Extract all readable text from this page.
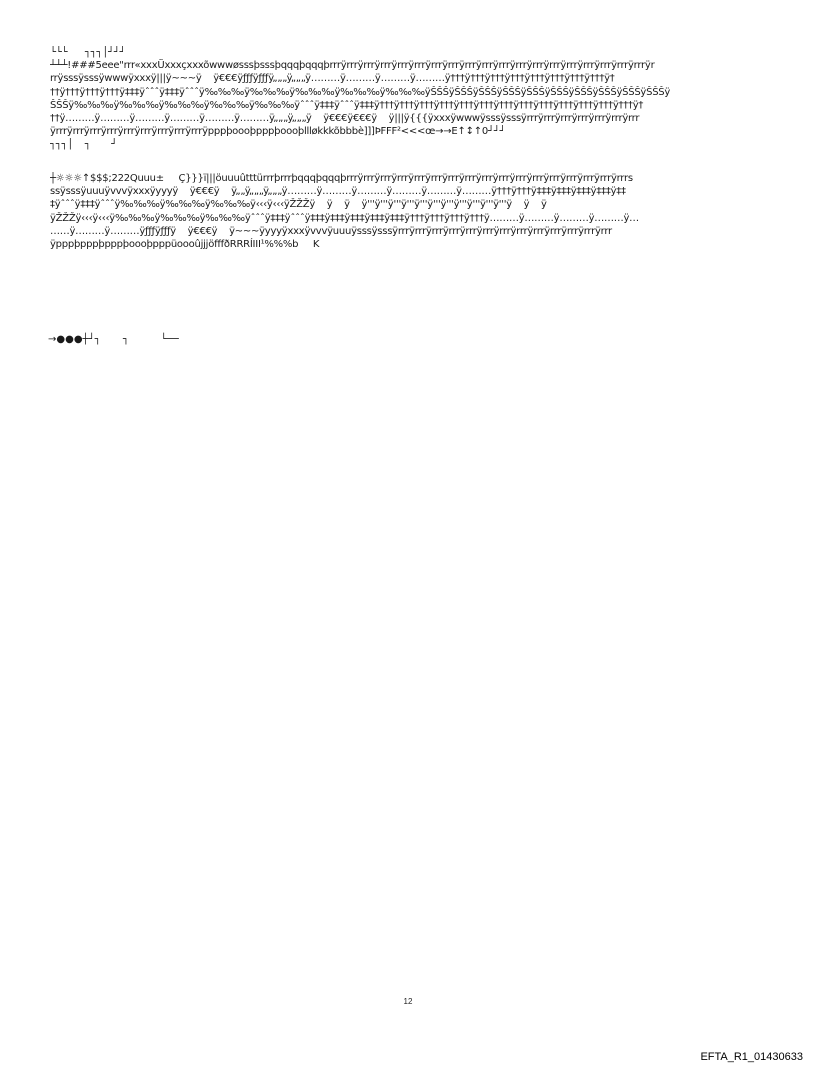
└└└      ┐┐┐│┘┘┘
┴┴┴!###5eee"rrr«xxxÜxxxçxxxõwwwøsssþsssþqqqþqqqþrrrÿrrrÿrrrÿrrrÿrrrÿrrrÿrrrÿrrrÿrrrÿrrrÿrrrÿrrrÿrrrÿrrrÿrrrÿrrrÿrrrÿrrrÿrrrÿr
rrÿsssÿsssÿwwwÿxxxÿ|||ÿ~~~ÿ    ÿ€€€ÿƒƒƒÿƒƒƒÿ„„„ÿ„„„ÿ………ÿ………ÿ………ÿ………ÿ†††ÿ†††ÿ†††ÿ†††ÿ†††ÿ†††ÿ†††ÿ†††ÿ†
††ÿ†††ÿ†††ÿ†††ÿ‡‡‡ÿˆˆˆÿ‡‡‡ÿˆˆˆÿ‰‰‰ÿ‰‰‰ÿ‰‰‰ÿ‰‰‰ÿ‰‰‰ÿŠŠŠÿŠŠŠÿŠŠŠÿŠŠŠÿŠŠŠÿŠŠŠÿŠŠŠÿŠŠŠÿŠŠŠÿŠŠŠÿ
ŠŠŠÿ‰‰‰ÿ‰‰‰ÿ‰‰‰ÿ‰‰‰ÿ‰‰‰ÿˆˆˆÿ‡‡‡ÿˆˆˆÿ‡‡‡ÿ†††ÿ†††ÿ†††ÿ†††ÿ†††ÿ†††ÿ†††ÿ†††ÿ†††ÿ†††ÿ†††ÿ†††ÿ†††ÿ†
††ÿ………ÿ………ÿ………ÿ………ÿ………ÿ………ÿ„„„ÿ„„„ÿ    ÿ€€€ÿ€€€ÿ    ÿ|||ÿ{{{ÿxxxÿwwwÿsssÿsssÿrrrÿrrrÿrrrÿrrrÿrrrÿrrrÿrrr
ÿrrrÿrrrÿrrrÿrrrÿrrrÿrrrÿrrrÿrrrÿrrrÿpppþoooþpppþoooþllløkkkõbbbè]]]ÞFFF²<<<œ→→E↑↕↑0┘┘┘
┐┐┐│    ┐       ┘
┼☼☼☼↑$$$;222Quuu±     Ç}}}ï|||öuuuûtttürrrþrrrþqqqþqqqþrrrÿrrrÿrrrÿrrrÿrrrÿrrrÿrrrÿrrrÿrrrÿrrrÿrrrÿrrrÿrrrÿrrrÿrrrÿrrrÿrrrs
ssÿsssÿuuuÿvvvÿxxxÿyyyÿ    ÿ€€€ÿ    ÿ„„ÿ„„„ÿ„„„ÿ………ÿ………ÿ………ÿ………ÿ………ÿ………ÿ†††ÿ†††ÿ‡‡‡ÿ‡‡‡ÿ‡‡‡ÿ‡‡‡ÿ‡‡
‡ÿˆˆˆÿ‡‡‡ÿˆˆˆÿ‰‰‰ÿ‰‰‰ÿ‰‰‰ÿ‹‹‹ÿ‹‹‹ÿŽŽŽÿ    ÿ    ÿ    ÿ'''ÿ'''ÿ'''ÿ'''ÿ'''ÿ'''ÿ'''ÿ'''ÿ'''ÿ'''ÿ'''ÿ    ÿ    ÿ
ÿŽŽŽÿ‹‹‹ÿ‹‹‹ÿ‰‰‰ÿ‰‰‰ÿ‰‰‰ÿˆˆˆÿ‡‡‡ÿˆˆˆÿ‡‡‡ÿ‡‡‡ÿ‡‡‡ÿ‡‡‡ÿ‡‡‡ÿ†††ÿ†††ÿ†††ÿ†††ÿ………ÿ………ÿ………ÿ………ÿ…
……ÿ………ÿ………ÿƒƒƒÿƒƒƒÿ    ÿ€€€ÿ    ÿ~~~ÿyyyÿxxxÿvvvÿuuuÿsssÿsssÿrrrÿrrrÿrrrÿrrrÿrrrÿrrrÿrrrÿrrrÿrrrÿrrrÿrrrÿrrrÿrrr
ÿpppþpppþpppþoooþpppüoooûjjjöfffðRRRÍIII¹%%%b     K
→●●●┼┘┐       ┐          └──
12
EFTA_R1_01430633
